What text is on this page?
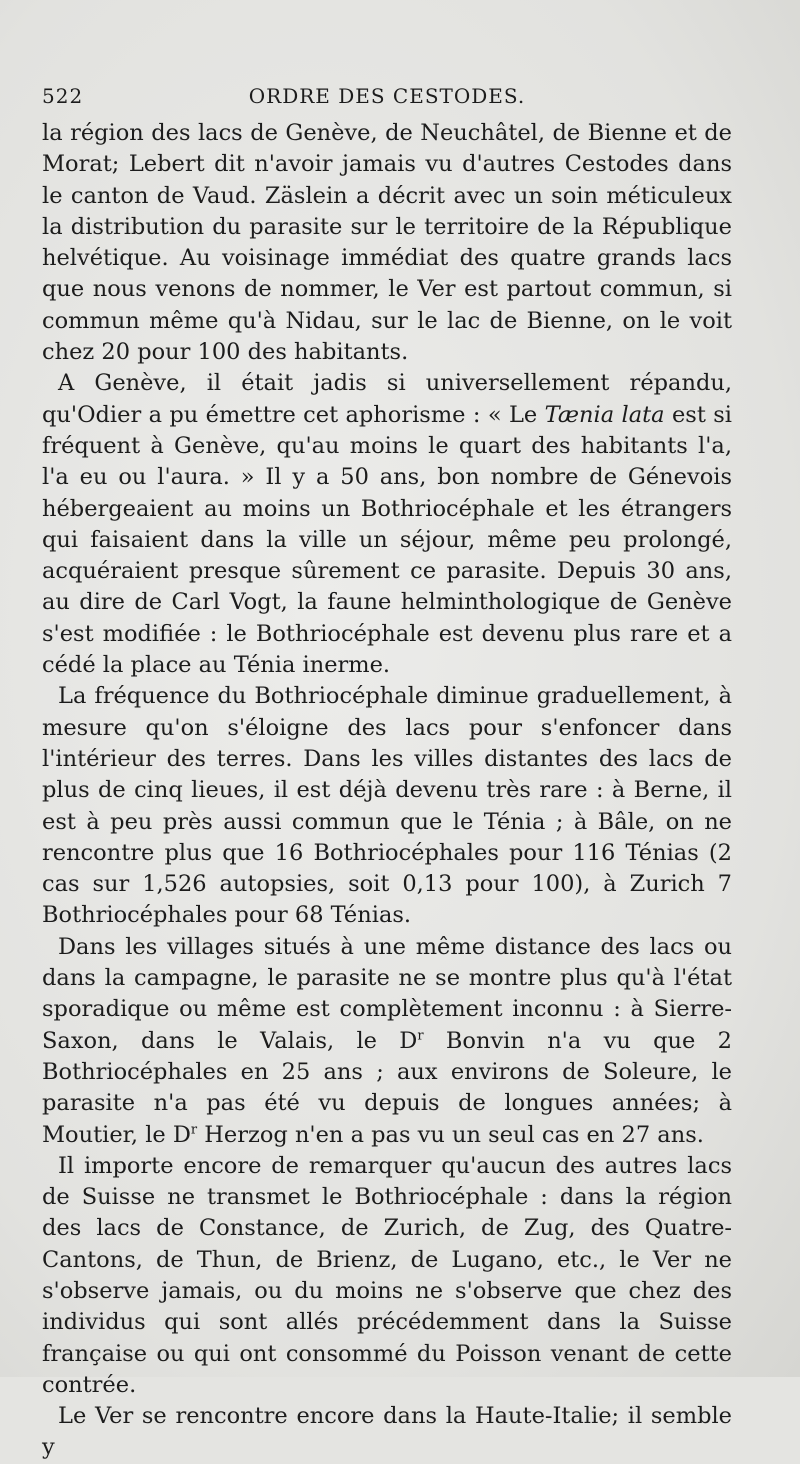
522	ORDRE DES CESTODES.

la région des lacs de Genève, de Neuchâtel, de Bienne et de Morat; Lebert dit n'avoir jamais vu d'autres Cestodes dans le canton de Vaud. Zäslein a décrit avec un soin méticuleux la distribution du parasite sur le territoire de la République helvétique. Au voisinage immédiat des quatre grands lacs que nous venons de nommer, le Ver est partout commun, si commun même qu'à Nidau, sur le lac de Bienne, on le voit chez 20 pour 100 des habitants.

A Genève, il était jadis si universellement répandu, qu'Odier a pu émettre cet aphorisme : « Le Tænia lata est si fréquent à Genève, qu'au moins le quart des habitants l'a, l'a eu ou l'aura. » Il y a 50 ans, bon nombre de Génevois hébergeaient au moins un Bothriocéphale et les étrangers qui faisaient dans la ville un séjour, même peu prolongé, acquéraient presque sûrement ce parasite. Depuis 30 ans, au dire de Carl Vogt, la faune helminthologique de Genève s'est modifiée : le Bothriocéphale est devenu plus rare et a cédé la place au Ténia inerme.

La fréquence du Bothriocéphale diminue graduellement, à mesure qu'on s'éloigne des lacs pour s'enfoncer dans l'intérieur des terres. Dans les villes distantes des lacs de plus de cinq lieues, il est déjà devenu très rare : à Berne, il est à peu près aussi commun que le Ténia ; à Bâle, on ne rencontre plus que 16 Bothriocéphales pour 116 Ténias (2 cas sur 1,526 autopsies, soit 0,13 pour 100), à Zurich 7 Bothriocéphales pour 68 Ténias.

Dans les villages situés à une même distance des lacs ou dans la campagne, le parasite ne se montre plus qu'à l'état sporadique ou même est complètement inconnu : à Sierre-Saxon, dans le Valais, le $D^r$ Bonvin n'a vu que 2 Bothriocéphales en 25 ans ; aux environs de Soleure, le parasite n'a pas été vu depuis de longues années; à Moutier, le $D^r$ Herzog n'en a pas vu un seul cas en 27 ans.

Il importe encore de remarquer qu'aucun des autres lacs de Suisse ne transmet le Bothriocéphale : dans la région des lacs de Constance, de Zurich, de Zug, des Quatre-Cantons, de Thun, de Brienz, de Lugano, etc., le Ver ne s'observe jamais, ou du moins ne s'observe que chez des individus qui sont allés précédemment dans la Suisse française ou qui ont consommé du Poisson venant de cette contrée.

Le Ver se rencontre encore dans la Haute-Italie; il semble y
